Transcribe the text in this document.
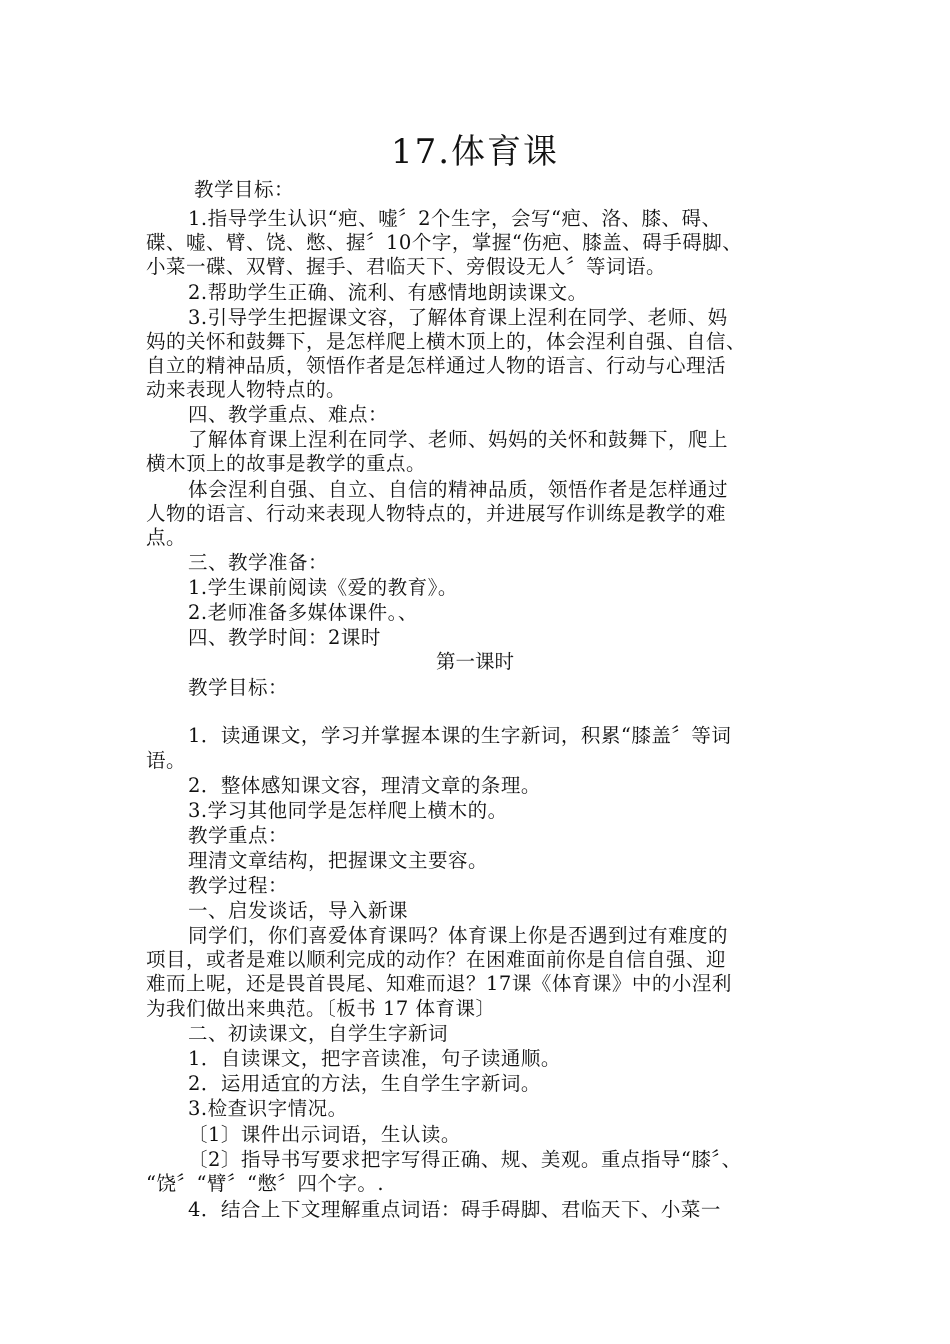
17.体育课
教学目标：
1.指导学生认识“疤、嘘〞2个生字，会写“疤、洛、膝、碍、
碟、嘘、臂、饶、憋、握〞10个字，掌握“伤疤、膝盖、碍手碍脚、
小菜一碟、双臂、握手、君临天下、旁假设无人〞等词语。
2.帮助学生正确、流利、有感情地朗读课文。
3.引导学生把握课文容，了解体育课上涅利在同学、老师、妈
妈的关怀和鼓舞下，是怎样爬上横木顶上的，体会涅利自强、自信、
自立的精神品质，领悟作者是怎样通过人物的语言、行动与心理活
动来表现人物特点的。
四、教学重点、难点：
了解体育课上涅利在同学、老师、妈妈的关怀和鼓舞下，爬上
横木顶上的故事是教学的重点。
体会涅利自强、自立、自信的精神品质，领悟作者是怎样通过
人物的语言、行动来表现人物特点的，并进展写作训练是教学的难
点。
三、教学准备：
1.学生课前阅读《爱的教育》。
2.老师准备多媒体课件。、
四、教学时间：2课时
第一课时
教学目标：
1．读通课文，学习并掌握本课的生字新词，积累“膝盖〞等词
语。
2．整体感知课文容，理清文章的条理。
3.学习其他同学是怎样爬上横木的。
教学重点：
理清文章结构，把握课文主要容。
教学过程：
一、启发谈话，导入新课
同学们，你们喜爱体育课吗？体育课上你是否遇到过有难度的
项目，或者是难以顺利完成的动作？在困难面前你是自信自强、迎
难而上呢，还是畏首畏尾、知难而退？17课《体育课》中的小涅利
为我们做出来典范。〔板书 17 体育课〕
二、初读课文，自学生字新词
1．自读课文，把字音读准，句子读通顺。
2．运用适宜的方法，生自学生字新词。
3.检查识字情况。
〔1〕课件出示词语，生认读。
〔2〕指导书写要求把字写得正确、规、美观。重点指导“膝〞、
“饶〞“臂〞“憋〞四个字。.
4．结合上下文理解重点词语：碍手碍脚、君临天下、小菜一
